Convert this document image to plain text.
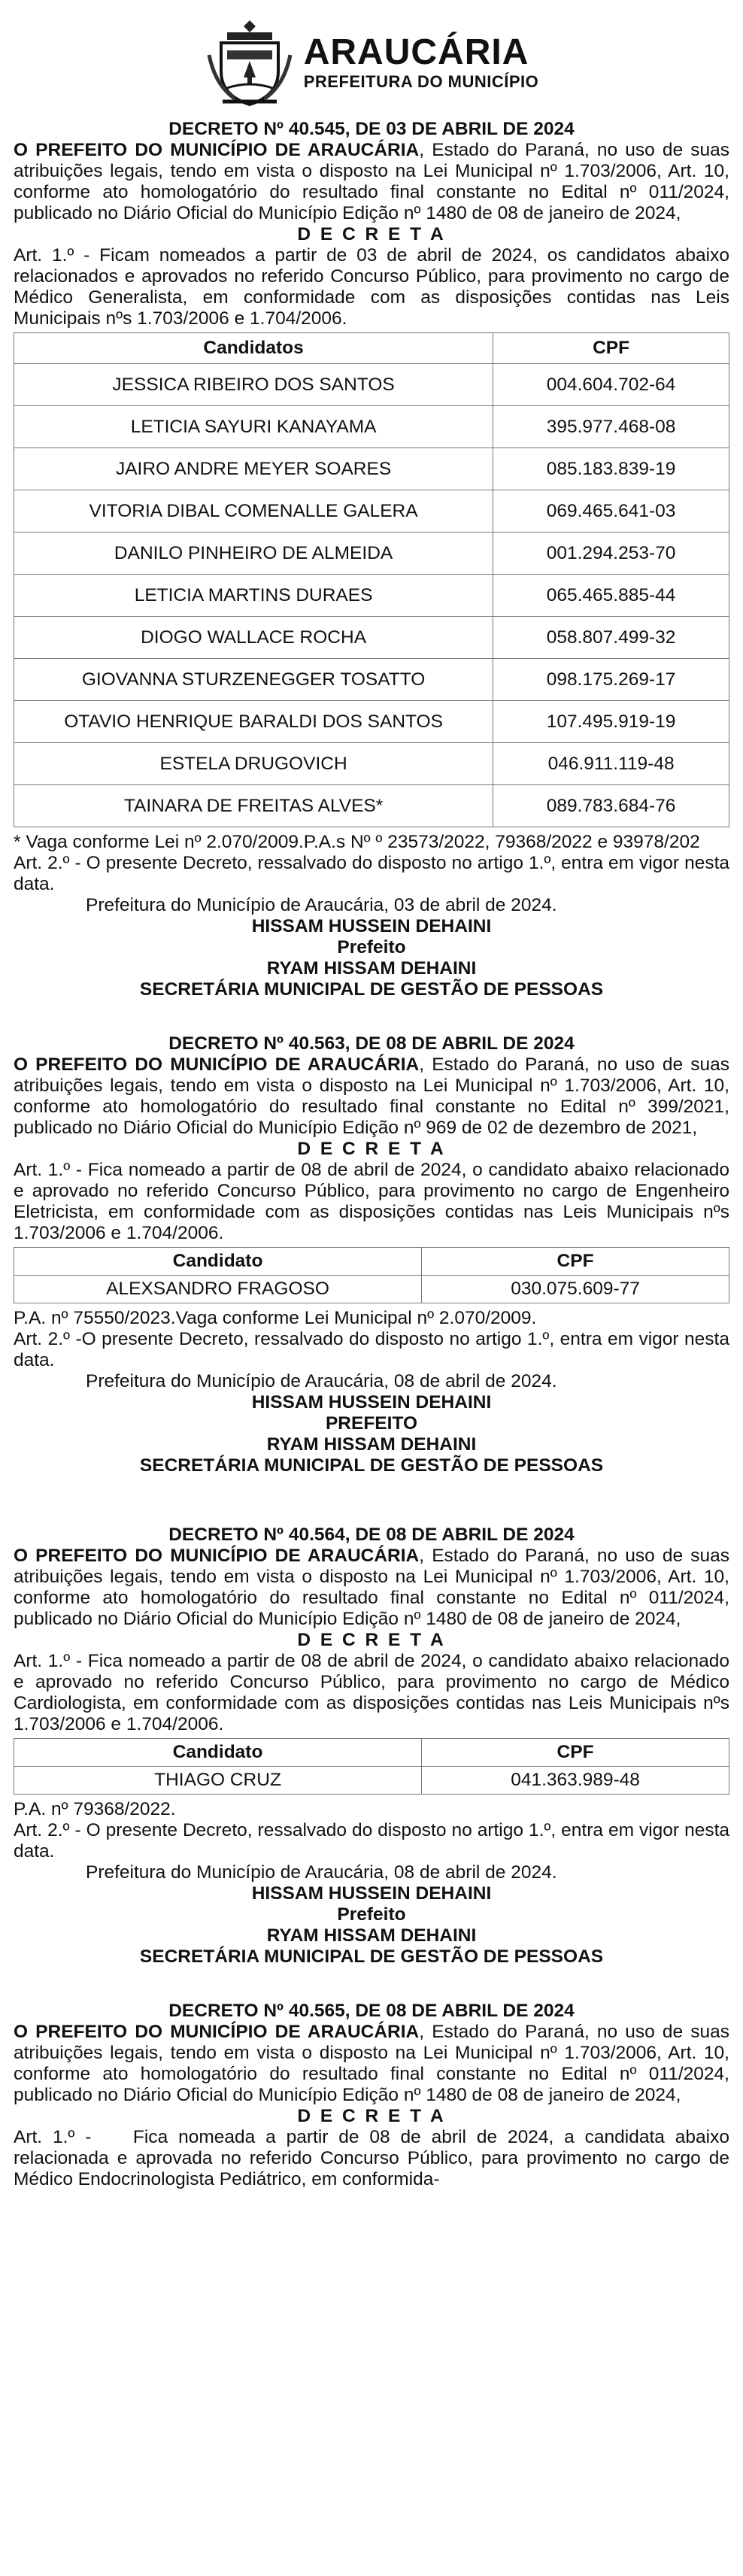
ARAUCÁRIA
PREFEITURA DO MUNICÍPIO
DECRETO Nº 40.545, DE 03 DE ABRIL DE 2024
O PREFEITO DO MUNICÍPIO DE ARAUCÁRIA, Estado do Paraná, no uso de suas atribuições legais, tendo em vista o disposto na Lei Municipal nº 1.703/2006, Art. 10, conforme ato homologatório do resultado final constante no Edital nº 011/2024, publicado no Diário Oficial do Município Edição nº 1480 de 08 de janeiro de 2024,
D E C R E T A
Art. 1.º - Ficam nomeados a partir de 03 de abril de 2024, os candidatos abaixo relacionados e aprovados no referido Concurso Público, para provimento no cargo de Médico Generalista, em conformidade com as disposições contidas nas Leis Municipais nºs 1.703/2006 e 1.704/2006.
Candidatos	CPF
JESSICA RIBEIRO DOS SANTOS	004.604.702-64
LETICIA SAYURI KANAYAMA	395.977.468-08
JAIRO ANDRE MEYER SOARES	085.183.839-19
VITORIA DIBAL COMENALLE GALERA	069.465.641-03
DANILO PINHEIRO DE ALMEIDA	001.294.253-70
LETICIA MARTINS DURAES	065.465.885-44
DIOGO WALLACE ROCHA	058.807.499-32
GIOVANNA STURZENEGGER TOSATTO	098.175.269-17
OTAVIO HENRIQUE BARALDI DOS SANTOS	107.495.919-19
ESTELA DRUGOVICH	046.911.119-48
TAINARA DE FREITAS ALVES*	089.783.684-76
* Vaga conforme Lei nº 2.070/2009.P.A.s Nº º 23573/2022, 79368/2022 e 93978/202
Art. 2.º - O presente Decreto, ressalvado do disposto no artigo 1.º, entra em vigor nesta data.
Prefeitura do Município de Araucária, 03 de abril de 2024.
HISSAM HUSSEIN DEHAINI
Prefeito
RYAM HISSAM DEHAINI
SECRETÁRIA MUNICIPAL DE GESTÃO DE PESSOAS
DECRETO Nº 40.563, DE 08 DE ABRIL DE 2024
O PREFEITO DO MUNICÍPIO DE ARAUCÁRIA, Estado do Paraná, no uso de suas atribuições legais, tendo em vista o disposto na Lei Municipal nº 1.703/2006, Art. 10, conforme ato homologatório do resultado final constante no Edital nº 399/2021, publicado no Diário Oficial do Município Edição nº 969 de 02 de dezembro de 2021,
D E C R E T A
Art. 1.º - Fica nomeado a partir de 08 de abril de 2024, o candidato abaixo relacionado e aprovado no referido Concurso Público, para provimento no cargo de Engenheiro Eletricista, em conformidade com as disposições contidas nas Leis Municipais nºs 1.703/2006 e 1.704/2006.
Candidato	CPF
ALEXSANDRO FRAGOSO	030.075.609-77
P.A. nº 75550/2023.Vaga conforme Lei Municipal nº 2.070/2009.
Art. 2.º -O presente Decreto, ressalvado do disposto no artigo 1.º, entra em vigor nesta data.
Prefeitura do Município de Araucária, 08 de abril de 2024.
HISSAM HUSSEIN DEHAINI
PREFEITO
RYAM HISSAM DEHAINI
SECRETÁRIA MUNICIPAL DE GESTÃO DE PESSOAS
DECRETO Nº 40.564, DE 08 DE ABRIL DE 2024
O PREFEITO DO MUNICÍPIO DE ARAUCÁRIA, Estado do Paraná, no uso de suas atribuições legais, tendo em vista o disposto na Lei Municipal nº 1.703/2006, Art. 10, conforme ato homologatório do resultado final constante no Edital nº 011/2024, publicado no Diário Oficial do Município Edição nº 1480 de 08 de janeiro de 2024,
D E C R E T A
Art. 1.º - Fica nomeado a partir de 08 de abril de 2024, o candidato abaixo relacionado e aprovado no referido Concurso Público, para provimento no cargo de Médico Cardiologista, em conformidade com as disposições contidas nas Leis Municipais nºs 1.703/2006 e 1.704/2006.
Candidato	CPF
THIAGO CRUZ	041.363.989-48
P.A. nº 79368/2022.
Art. 2.º - O presente Decreto, ressalvado do disposto no artigo 1.º, entra em vigor nesta data.
Prefeitura do Município de Araucária, 08 de abril de 2024.
HISSAM HUSSEIN DEHAINI
Prefeito
RYAM HISSAM DEHAINI
SECRETÁRIA MUNICIPAL DE GESTÃO DE PESSOAS
DECRETO Nº 40.565, DE 08 DE ABRIL DE 2024
O PREFEITO DO MUNICÍPIO DE ARAUCÁRIA, Estado do Paraná, no uso de suas atribuições legais, tendo em vista o disposto na Lei Municipal nº 1.703/2006, Art. 10, conforme ato homologatório do resultado final constante no Edital nº 011/2024, publicado no Diário Oficial do Município Edição nº 1480 de 08 de janeiro de 2024,
D E C R E T A
Art. 1.º -    Fica nomeada a partir de 08 de abril de 2024, a candidata abaixo relacionada e aprovada no referido Concurso Público, para provimento no cargo de Médico Endocrinologista Pediátrico, em conformida-
